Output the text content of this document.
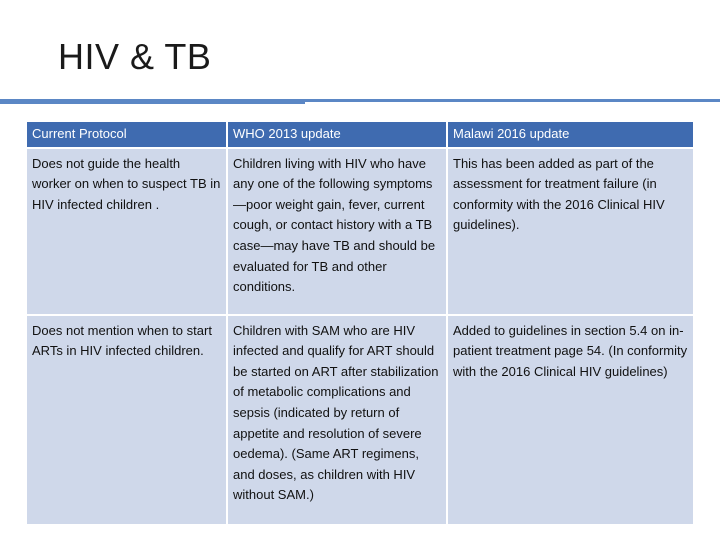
HIV & TB
Current Protocol	WHO 2013 update	Malawi 2016 update
Does not guide the health worker on when to suspect TB in HIV infected children .	Children living with HIV who have any one of the following symptoms—poor weight gain, fever, current cough, or contact history with a TB case—may have TB and should be evaluated for TB and other conditions.	This has been added as part of the assessment for treatment failure (in conformity with the 2016 Clinical HIV guidelines).
Does not mention when to start ARTs in HIV infected children.	Children with SAM who are HIV infected and qualify for ART should be started on ART after stabilization of metabolic complications and sepsis (indicated by return of appetite and resolution of severe oedema). (Same ART regimens, and doses, as children with HIV without SAM.)	Added to guidelines in section 5.4 on in- patient treatment page 54. (In conformity with the 2016 Clinical HIV guidelines)
